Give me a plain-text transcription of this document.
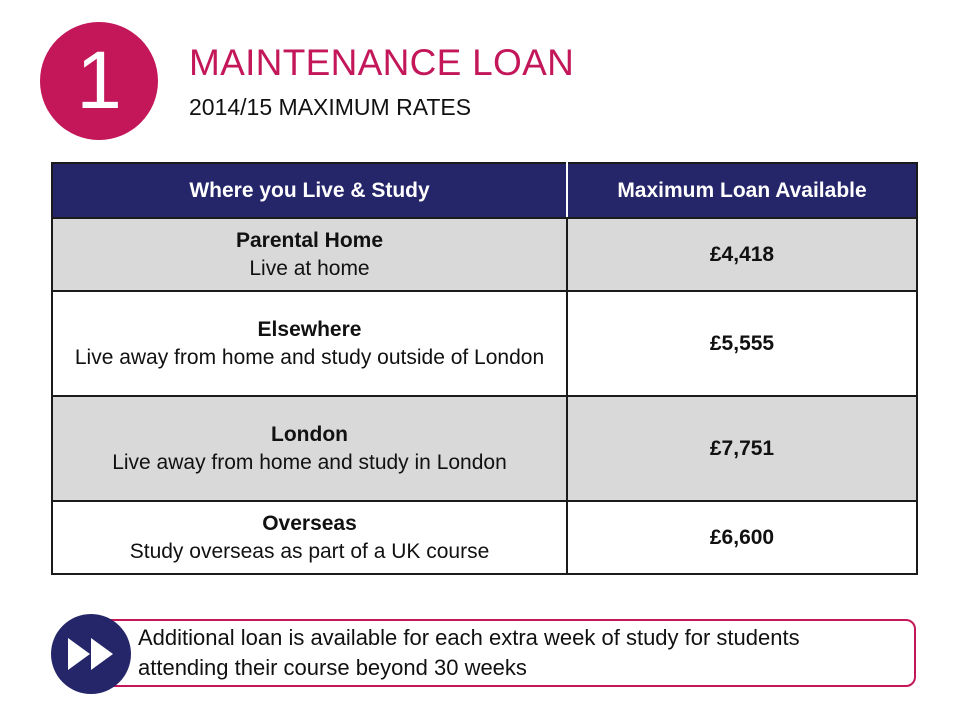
1 MAINTENANCE LOAN
2014/15 MAXIMUM RATES
Where you Live & Study	Maximum Loan Available

Parental Home
Live at home	£4,418

Elsewhere
Live away from home and study outside of London	£5,555

London
Live away from home and study in London	£7,751

Overseas
Study overseas as part of a UK course	£6,600
Additional loan is available for each extra week of study for students attending their course beyond 30 weeks
